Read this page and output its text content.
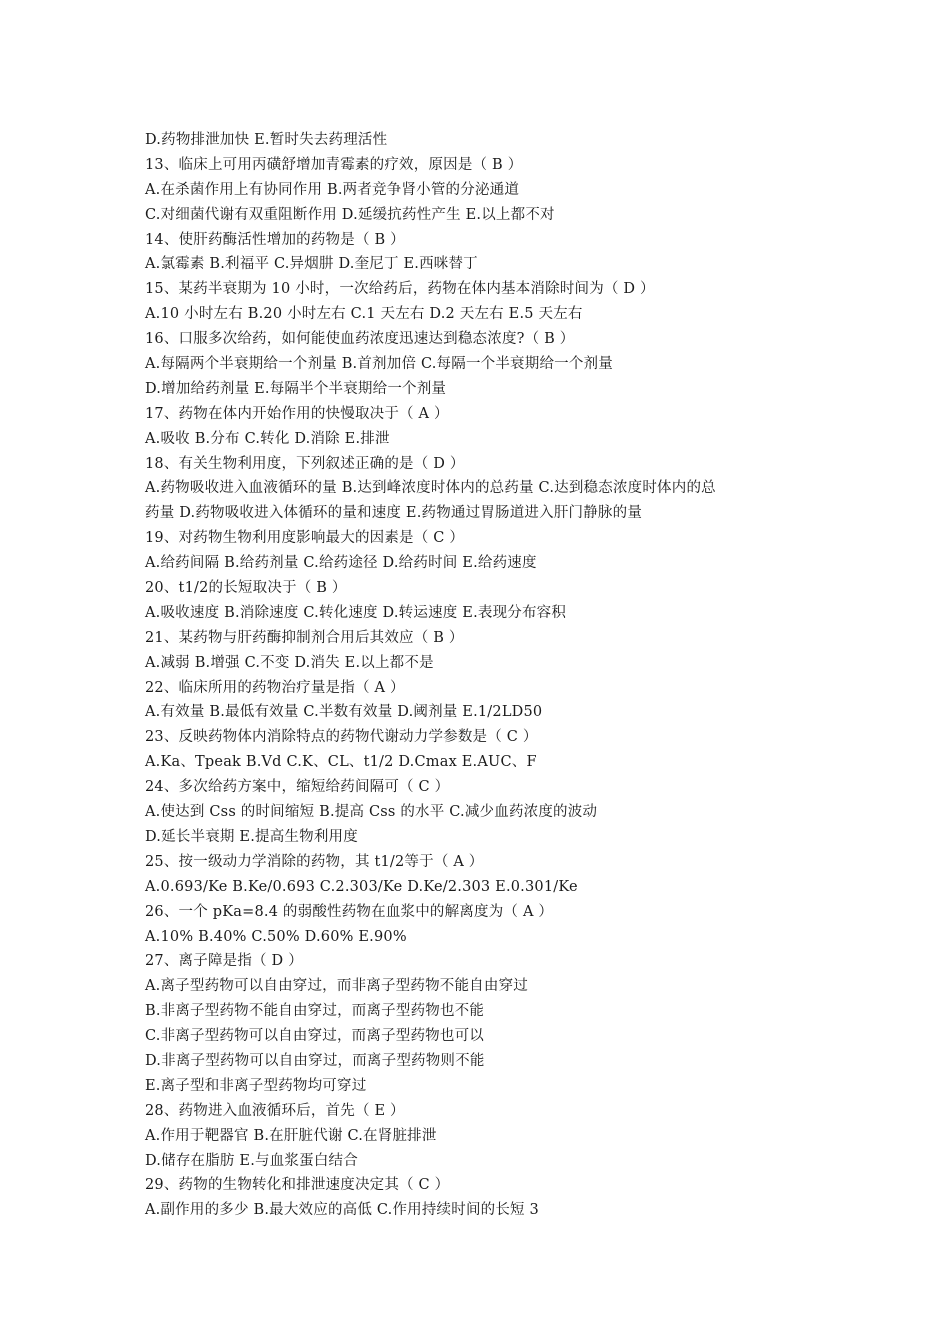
D.药物排泄加快 E.暂时失去药理活性
13、临床上可用丙磺舒增加青霉素的疗效，原因是（ B ）
A.在杀菌作用上有协同作用 B.两者竞争肾小管的分泌通道
C.对细菌代谢有双重阻断作用 D.延缓抗药性产生 E.以上都不对
14、使肝药酶活性增加的药物是（ B ）
A.氯霉素 B.利福平 C.异烟肼 D.奎尼丁 E.西咪替丁
15、某药半衰期为 10 小时，一次给药后，药物在体内基本消除时间为（ D ）
A.10 小时左右 B.20 小时左右 C.1 天左右 D.2 天左右 E.5 天左右
16、口服多次给药，如何能使血药浓度迅速达到稳态浓度?（ B ）
A.每隔两个半衰期给一个剂量 B.首剂加倍 C.每隔一个半衰期给一个剂量
D.增加给药剂量 E.每隔半个半衰期给一个剂量
17、药物在体内开始作用的快慢取决于（ A ）
A.吸收 B.分布 C.转化 D.消除 E.排泄
18、有关生物利用度，下列叙述正确的是（ D ）
A.药物吸收进入血液循环的量 B.达到峰浓度时体内的总药量 C.达到稳态浓度时体内的总
药量 D.药物吸收进入体循环的量和速度 E.药物通过胃肠道进入肝门静脉的量
19、对药物生物利用度影响最大的因素是（ C ）
A.给药间隔 B.给药剂量 C.给药途径 D.给药时间 E.给药速度
20、t1/2的长短取决于（ B ）
A.吸收速度 B.消除速度 C.转化速度 D.转运速度 E.表现分布容积
21、某药物与肝药酶抑制剂合用后其效应（ B ）
A.减弱 B.增强 C.不变 D.消失 E.以上都不是
22、临床所用的药物治疗量是指（ A ）
A.有效量 B.最低有效量 C.半数有效量 D.阈剂量 E.1/2LD50
23、反映药物体内消除特点的药物代谢动力学参数是（ C ）
A.Ka、Tpeak B.Vd C.K、CL、t1/2 D.Cmax E.AUC、F
24、多次给药方案中，缩短给药间隔可（ C ）
A.使达到 Css 的时间缩短 B.提高 Css 的水平 C.减少血药浓度的波动
D.延长半衰期 E.提高生物利用度
25、按一级动力学消除的药物，其 t1/2等于（ A ）
A.0.693/Ke B.Ke/0.693 C.2.303/Ke D.Ke/2.303 E.0.301/Ke
26、一个 pKa=8.4 的弱酸性药物在血浆中的解离度为（ A ）
A.10% B.40% C.50% D.60% E.90%
27、离子障是指（ D ）
A.离子型药物可以自由穿过，而非离子型药物不能自由穿过
B.非离子型药物不能自由穿过，而离子型药物也不能
C.非离子型药物可以自由穿过，而离子型药物也可以
D.非离子型药物可以自由穿过，而离子型药物则不能
E.离子型和非离子型药物均可穿过
28、药物进入血液循环后，首先（ E ）
A.作用于靶器官 B.在肝脏代谢 C.在肾脏排泄
D.储存在脂肪 E.与血浆蛋白结合
29、药物的生物转化和排泄速度决定其（ C ）
A.副作用的多少 B.最大效应的高低 C.作用持续时间的长短 3
